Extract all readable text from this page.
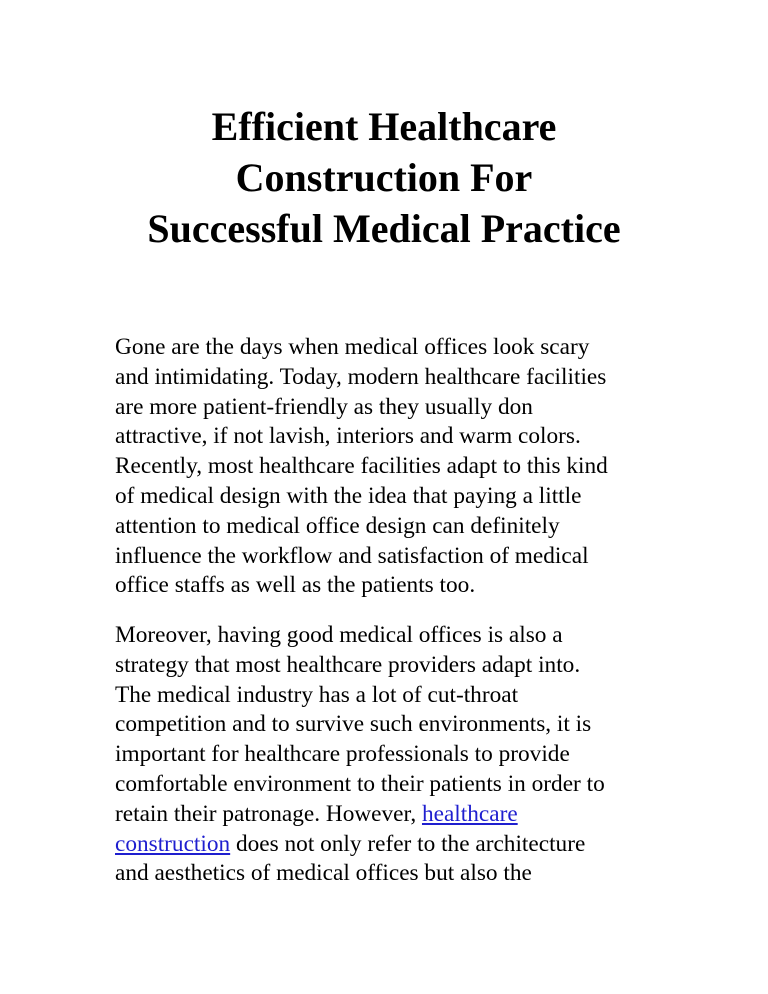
Efficient Healthcare
Construction For
Successful Medical Practice

Gone are the days when medical offices look scary
and intimidating. Today, modern healthcare facilities
are more patient-friendly as they usually don
attractive, if not lavish, interiors and warm colors.
Recently, most healthcare facilities adapt to this kind
of medical design with the idea that paying a little
attention to medical office design can definitely
influence the workflow and satisfaction of medical
office staffs as well as the patients too.

Moreover, having good medical offices is also a
strategy that most healthcare providers adapt into.
The medical industry has a lot of cut-throat
competition and to survive such environments, it is
important for healthcare professionals to provide
comfortable environment to their patients in order to
retain their patronage. However, healthcare
construction does not only refer to the architecture
and aesthetics of medical offices but also the
